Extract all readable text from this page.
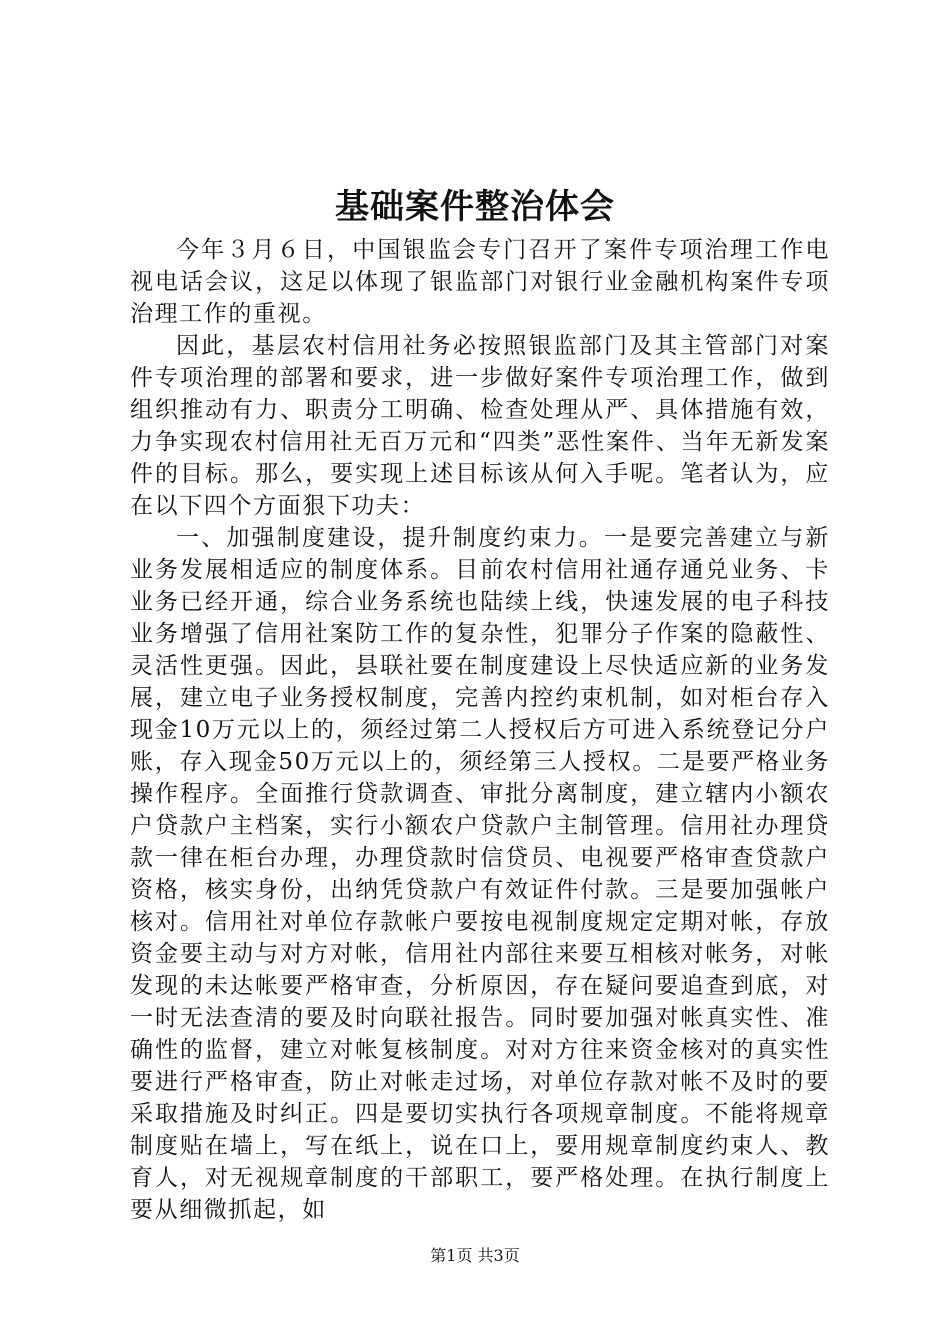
基础案件整治体会

今年３月６日，中国银监会专门召开了案件专项治理工作电视电话会议，这足以体现了银监部门对银行业金融机构案件专项治理工作的重视。

因此，基层农村信用社务必按照银监部门及其主管部门对案件专项治理的部署和要求，进一步做好案件专项治理工作，做到组织推动有力、职责分工明确、检查处理从严、具体措施有效，力争实现农村信用社无百万元和“四类”恶性案件、当年无新发案件的目标。那么，要实现上述目标该从何入手呢。笔者认为，应在以下四个方面狠下功夫：

一、加强制度建设，提升制度约束力。一是要完善建立与新业务发展相适应的制度体系。目前农村信用社通存通兑业务、卡业务已经开通，综合业务系统也陆续上线，快速发展的电子科技业务增强了信用社案防工作的复杂性，犯罪分子作案的隐蔽性、灵活性更强。因此，县联社要在制度建设上尽快适应新的业务发展，建立电子业务授权制度，完善内控约束机制，如对柜台存入现金10万元以上的，须经过第二人授权后方可进入系统登记分户账，存入现金50万元以上的，须经第三人授权。二是要严格业务操作程序。全面推行贷款调查、审批分离制度，建立辖内小额农户贷款户主档案，实行小额农户贷款户主制管理。信用社办理贷款一律在柜台办理，办理贷款时信贷员、电视要严格审查贷款户资格，核实身份，出纳凭贷款户有效证件付款。三是要加强帐户核对。信用社对单位存款帐户要按电视制度规定定期对帐，存放资金要主动与对方对帐，信用社内部往来要互相核对帐务，对帐发现的未达帐要严格审查，分析原因，存在疑问要追查到底，对一时无法查清的要及时向联社报告。同时要加强对帐真实性、准确性的监督，建立对帐复核制度。对对方往来资金核对的真实性要进行严格审查，防止对帐走过场，对单位存款对帐不及时的要采取措施及时纠正。四是要切实执行各项规章制度。不能将规章制度贴在墙上，写在纸上，说在口上，要用规章制度约束人、教育人，对无视规章制度的干部职工，要严格处理。在执行制度上要从细微抓起，如

第1页 共3页
